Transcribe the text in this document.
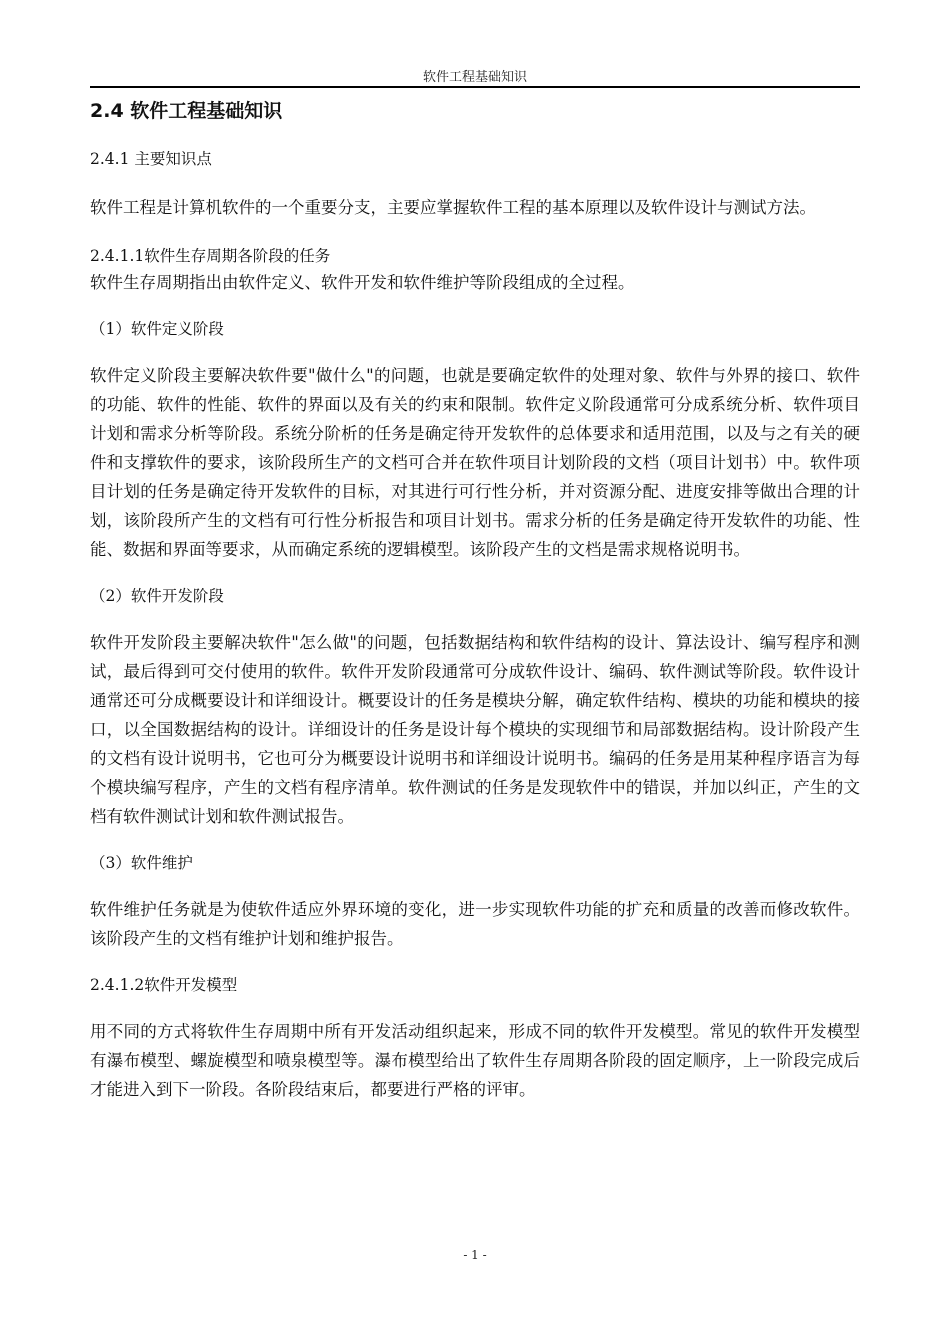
软件工程基础知识
2.4 软件工程基础知识

2.4.1 主要知识点

软件工程是计算机软件的一个重要分支，主要应掌握软件工程的基本原理以及软件设计与测试方法。

2.4.1.1软件生存周期各阶段的任务

软件生存周期指出由软件定义、软件开发和软件维护等阶段组成的全过程。

（1）软件定义阶段

软件定义阶段主要解决软件要"做什么"的问题，也就是要确定软件的处理对象、软件与外界的接口、软件的功能、软件的性能、软件的界面以及有关的约束和限制。软件定义阶段通常可分成系统分析、软件项目计划和需求分析等阶段。系统分阶析的任务是确定待开发软件的总体要求和适用范围，以及与之有关的硬件和支撑软件的要求，该阶段所生产的文档可合并在软件项目计划阶段的文档（项目计划书）中。软件项目计划的任务是确定待开发软件的目标，对其进行可行性分析，并对资源分配、进度安排等做出合理的计划，该阶段所产生的文档有可行性分析报告和项目计划书。需求分析的任务是确定待开发软件的功能、性能、数据和界面等要求，从而确定系统的逻辑模型。该阶段产生的文档是需求规格说明书。

（2）软件开发阶段

软件开发阶段主要解决软件"怎么做"的问题，包括数据结构和软件结构的设计、算法设计、编写程序和测试，最后得到可交付使用的软件。软件开发阶段通常可分成软件设计、编码、软件测试等阶段。软件设计通常还可分成概要设计和详细设计。概要设计的任务是模块分解，确定软件结构、模块的功能和模块的接口，以全国数据结构的设计。详细设计的任务是设计每个模块的实现细节和局部数据结构。设计阶段产生的文档有设计说明书，它也可分为概要设计说明书和详细设计说明书。编码的任务是用某种程序语言为每个模块编写程序，产生的文档有程序清单。软件测试的任务是发现软件中的错误，并加以纠正，产生的文档有软件测试计划和软件测试报告。

（3）软件维护

软件维护任务就是为使软件适应外界环境的变化，进一步实现软件功能的扩充和质量的改善而修改软件。该阶段产生的文档有维护计划和维护报告。

2.4.1.2软件开发模型

用不同的方式将软件生存周期中所有开发活动组织起来，形成不同的软件开发模型。常见的软件开发模型有瀑布模型、螺旋模型和喷泉模型等。瀑布模型给出了软件生存周期各阶段的固定顺序，上一阶段完成后才能进入到下一阶段。各阶段结束后，都要进行严格的评审。

- 1 -
